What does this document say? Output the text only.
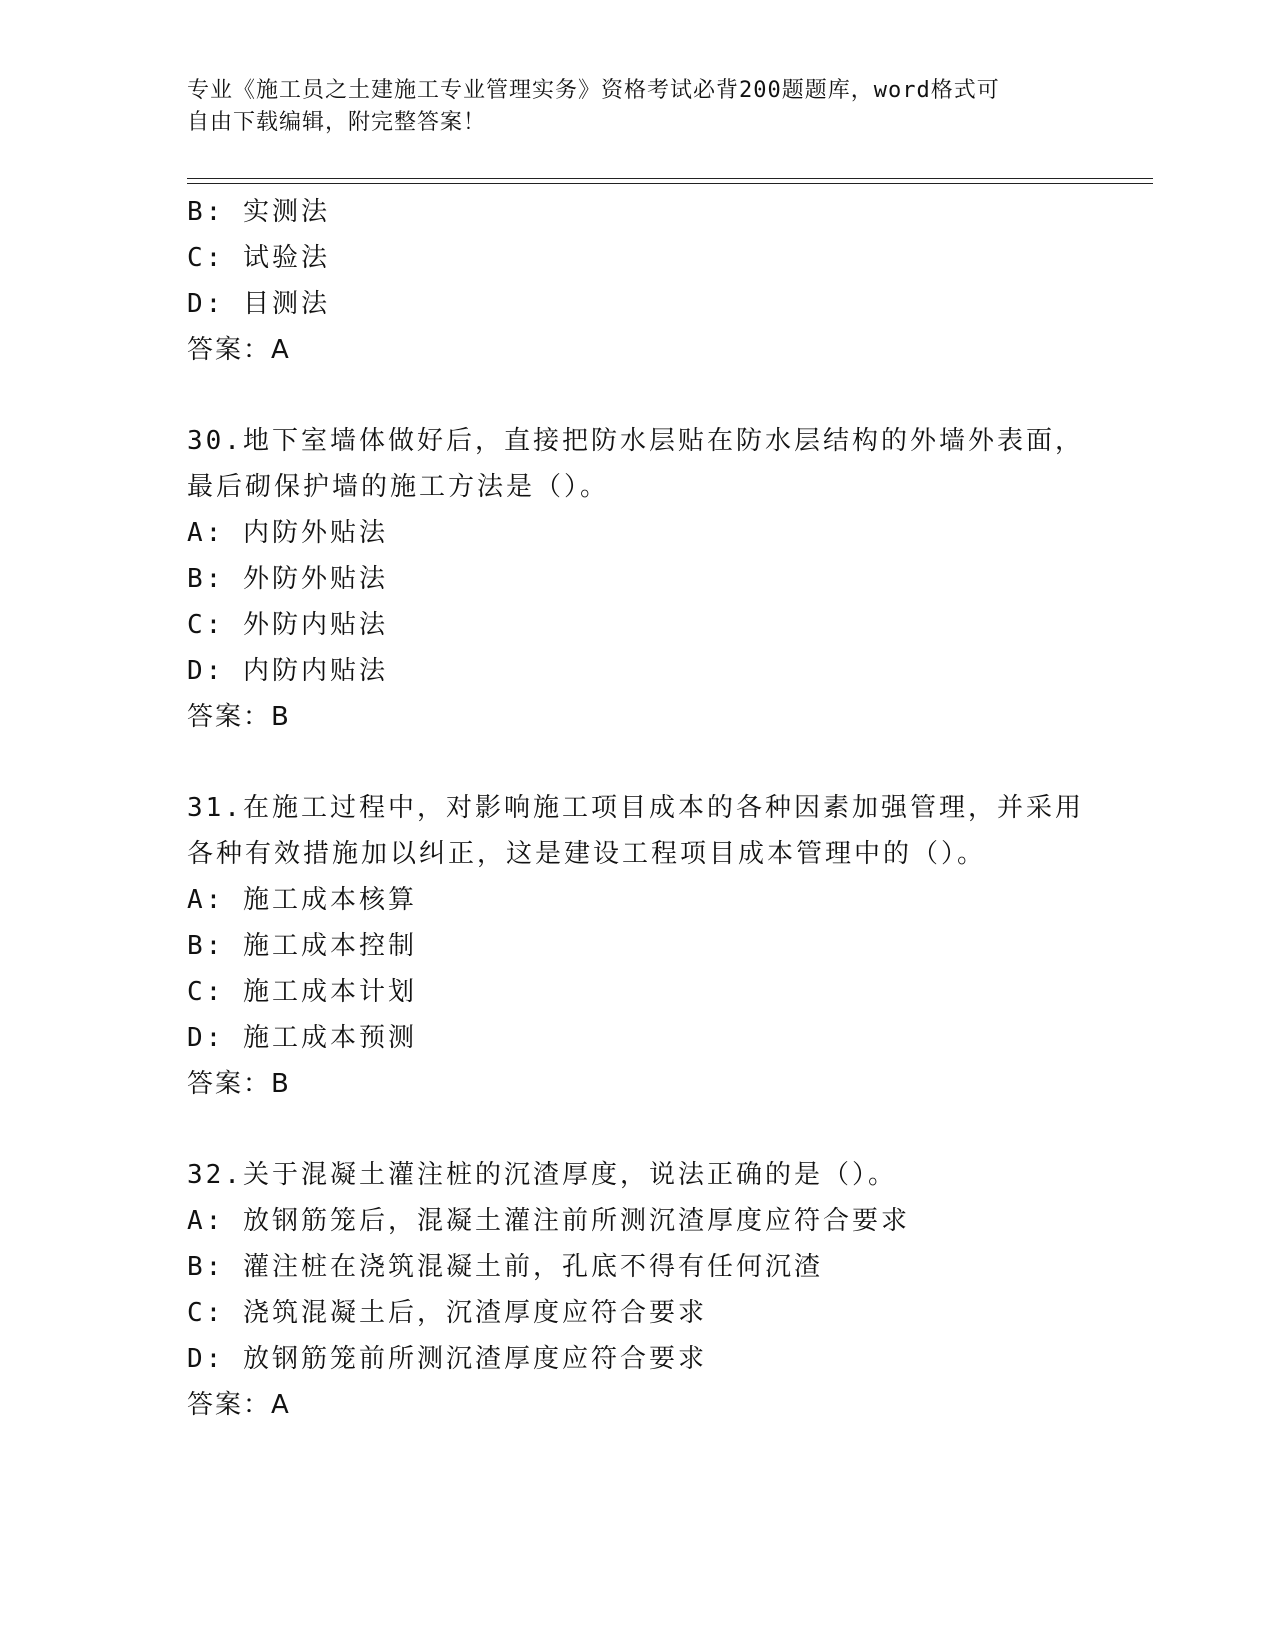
专业《施工员之土建施工专业管理实务》资格考试必背200题题库，word格式可
自由下载编辑，附完整答案！
B: 实测法
C: 试验法
D: 目测法
答案：A
30.地下室墙体做好后，直接把防水层贴在防水层结构的外墙外表面，
最后砌保护墙的施工方法是（）。
A: 内防外贴法
B: 外防外贴法
C: 外防内贴法
D: 内防内贴法
答案：B
31.在施工过程中，对影响施工项目成本的各种因素加强管理，并采用
各种有效措施加以纠正，这是建设工程项目成本管理中的（）。
A: 施工成本核算
B: 施工成本控制
C: 施工成本计划
D: 施工成本预测
答案：B
32.关于混凝土灌注桩的沉渣厚度，说法正确的是（）。
A: 放钢筋笼后，混凝土灌注前所测沉渣厚度应符合要求
B: 灌注桩在浇筑混凝土前，孔底不得有任何沉渣
C: 浇筑混凝土后，沉渣厚度应符合要求
D: 放钢筋笼前所测沉渣厚度应符合要求
答案：A
